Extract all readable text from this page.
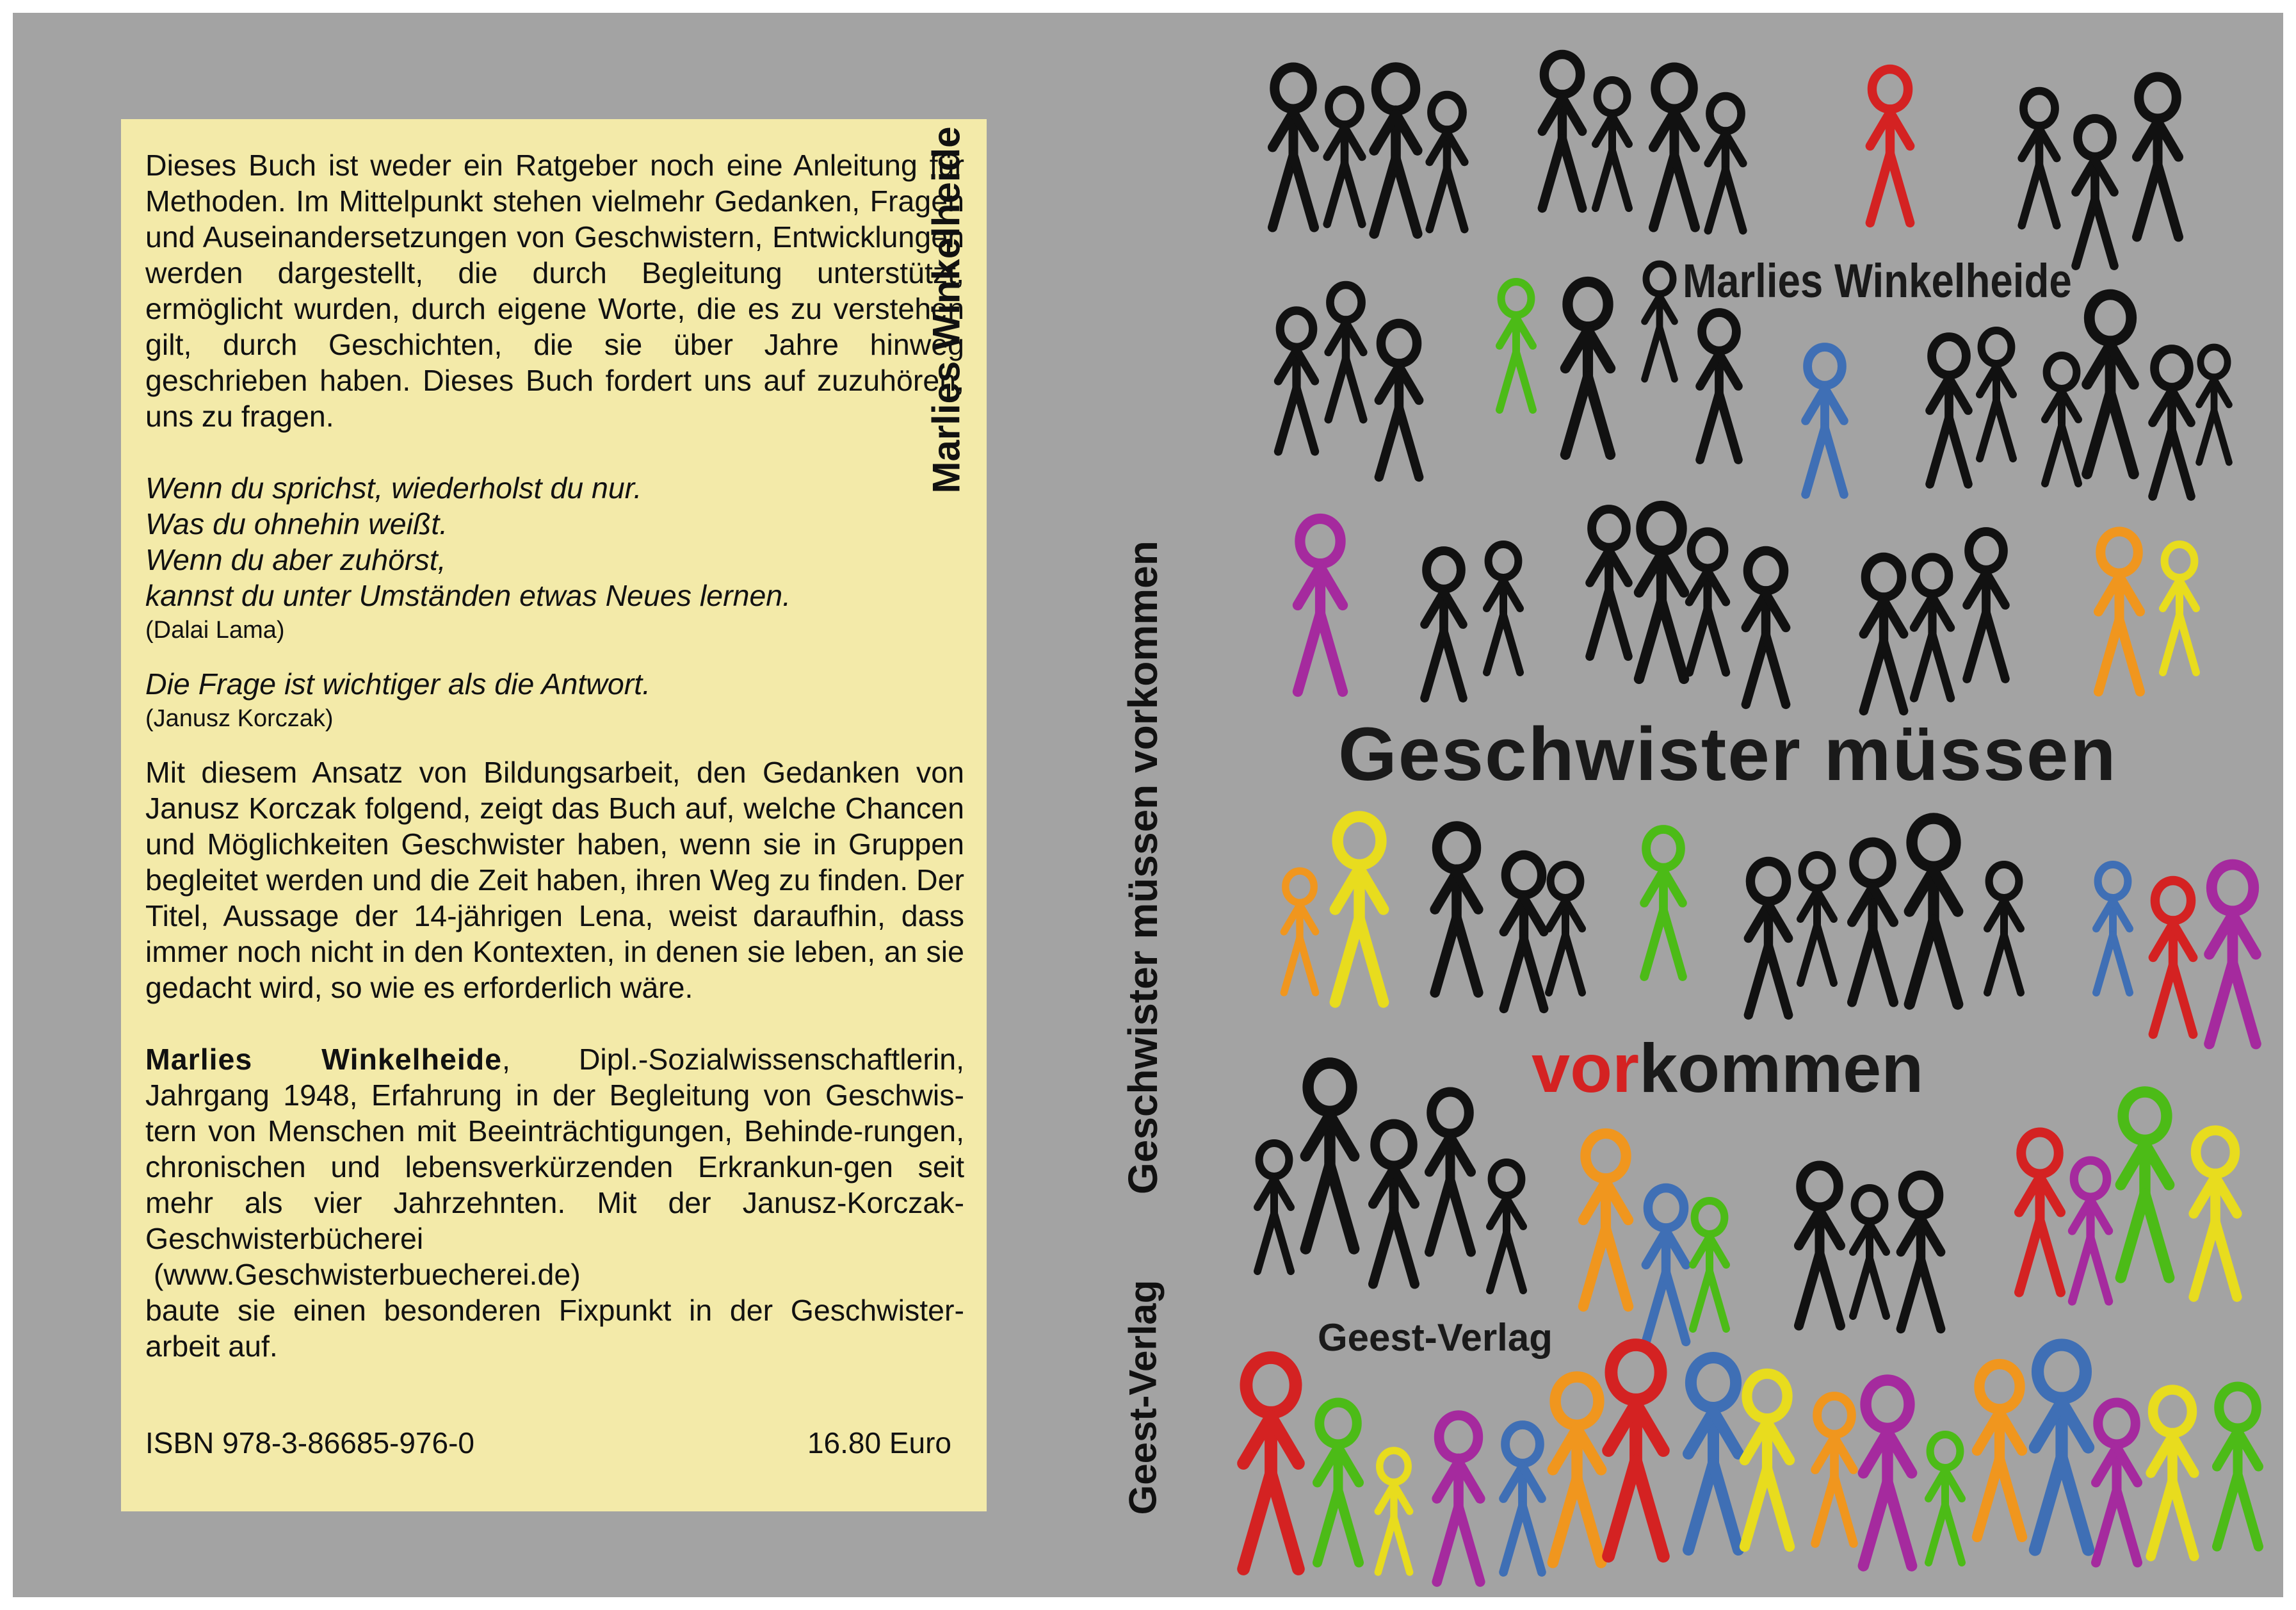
Dieses Buch ist weder ein Ratgeber noch eine Anleitung für Methoden. Im Mittelpunkt stehen vielmehr Gedanken, Fragen und Auseinandersetzungen von Geschwistern, Entwicklungen werden dargestellt, die durch Begleitung unterstützt, ermöglicht wurden, durch eigene Worte, die es zu verstehen gilt, durch Geschichten, die sie über Jahre hinweg geschrieben haben. Dieses Buch fordert uns auf zuzuhören, uns zu fragen.

Wenn du sprichst, wiederholst du nur.

Was du ohnehin weißt.

Wenn du aber zuhörst,

kannst du unter Umständen etwas Neues lernen.

(Dalai Lama)

Die Frage ist wichtiger als die Antwort.

(Janusz Korczak)

Mit diesem Ansatz von Bildungsarbeit, den Gedanken von Janusz Korczak folgend, zeigt das Buch auf, welche Chancen und Möglichkeiten Geschwister haben, wenn sie in Gruppen begleitet werden und die Zeit haben, ihren Weg zu finden. Der Titel, Aussage der 14-jährigen Lena, weist daraufhin, dass immer noch nicht in den Kontexten, in denen sie leben, an sie gedacht wird, so wie es erforderlich wäre.

Marlies Winkelheide, Dipl.-Sozialwissenschaftlerin, Jahrgang 1948, Erfahrung in der Begleitung von Geschwis-tern von Menschen mit Beeinträchtigungen, Behinde-rungen, chronischen und lebensverkürzenden Erkrankun-gen seit mehr als vier Jahrzehnten. Mit der Janusz-Korczak-Geschwisterbücherei

(www.Geschwisterbuecherei.de)

baute sie einen besonderen Fixpunkt in der Geschwister-arbeit auf.

ISBN 978-3-86685-976-0	16.80 Euro
Marlies Winkelheide
Geschwister müssen vorkommen
Geest-Verlag
Marlies Winkelheide
Geschwister müssen
vorkommen
Geest-Verlag
